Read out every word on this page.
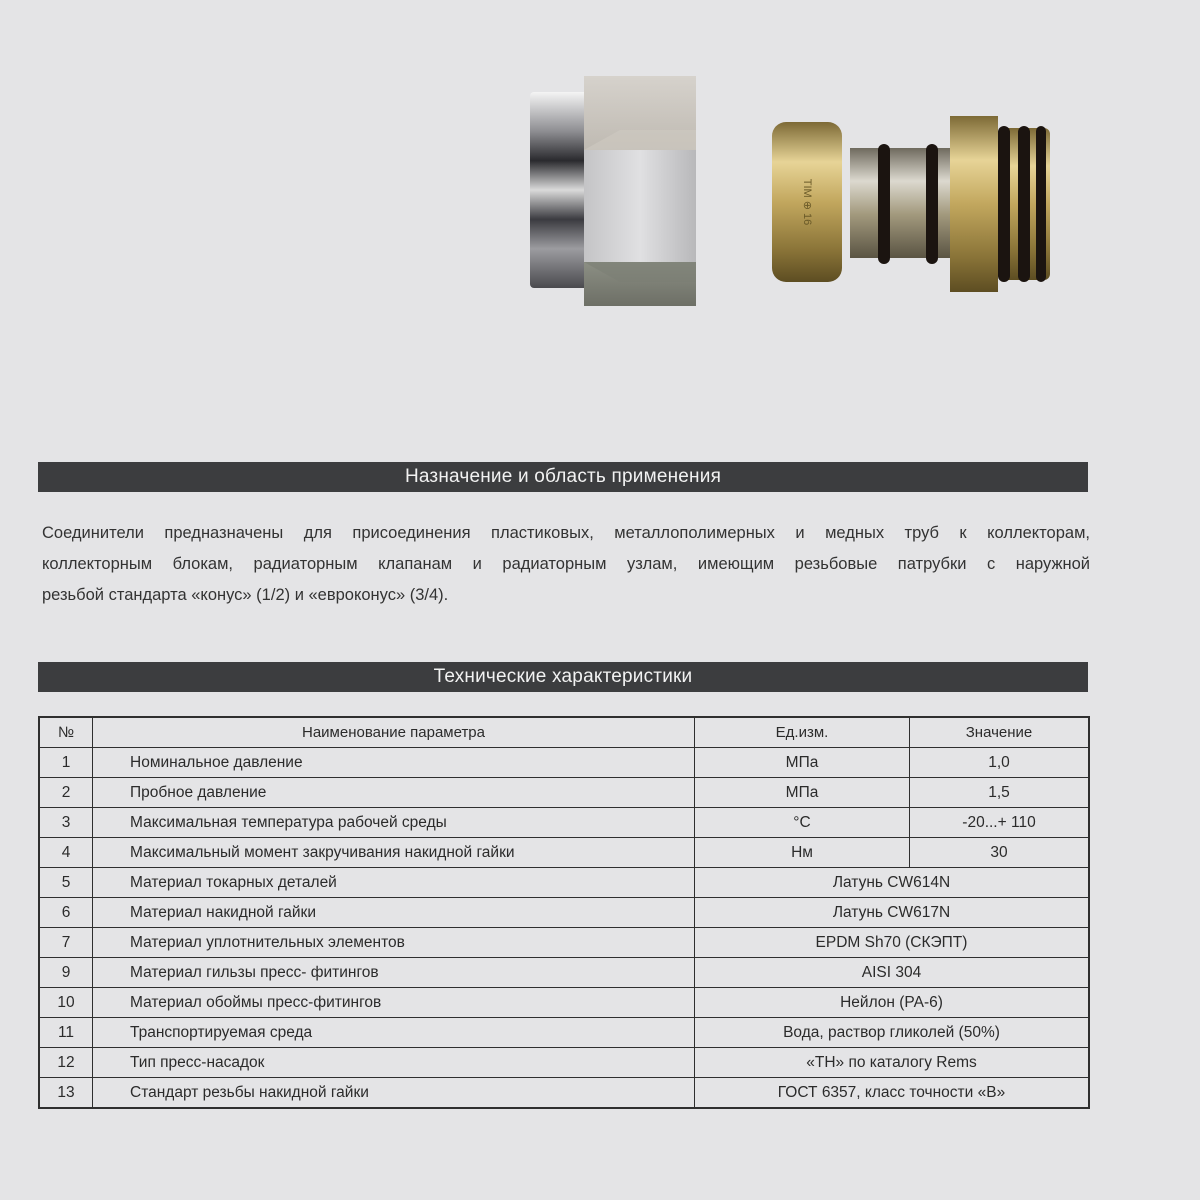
TIM ⊕ 16
Назначение и область применения
Соединители предназначены для присоединения пластиковых, металлополимерных и медных труб к коллекторам,
коллекторным блокам, радиаторным клапанам и радиаторным узлам, имеющим резьбовые патрубки с наружной
резьбой стандарта «конус» (1/2) и «евроконус» (3/4).
Технические характеристики
№	Наименование параметра	Ед.изм.	Значение
1	Номинальное давление	МПа	1,0
2	Пробное давление	МПа	1,5
3	Максимальная температура рабочей среды	°С	-20...+ 110
4	Максимальный момент закручивания накидной гайки	Нм	30
5	Материал токарных деталей	Латунь CW614N	
6	Материал накидной гайки	Латунь CW617N	
7	Материал уплотнительных элементов	EPDM Sh70 (СКЭПТ)	
9	Материал гильзы пресс- фитингов	AISI 304	
10	Материал обоймы пресс-фитингов	Нейлон (PA-6)	
11	Транспортируемая среда	Вода, раствор гликолей (50%)	
12	Тип пресс-насадок	«TH» по каталогу Rems	
13	Стандарт резьбы накидной гайки	ГОСТ 6357, класс точности «В»	
